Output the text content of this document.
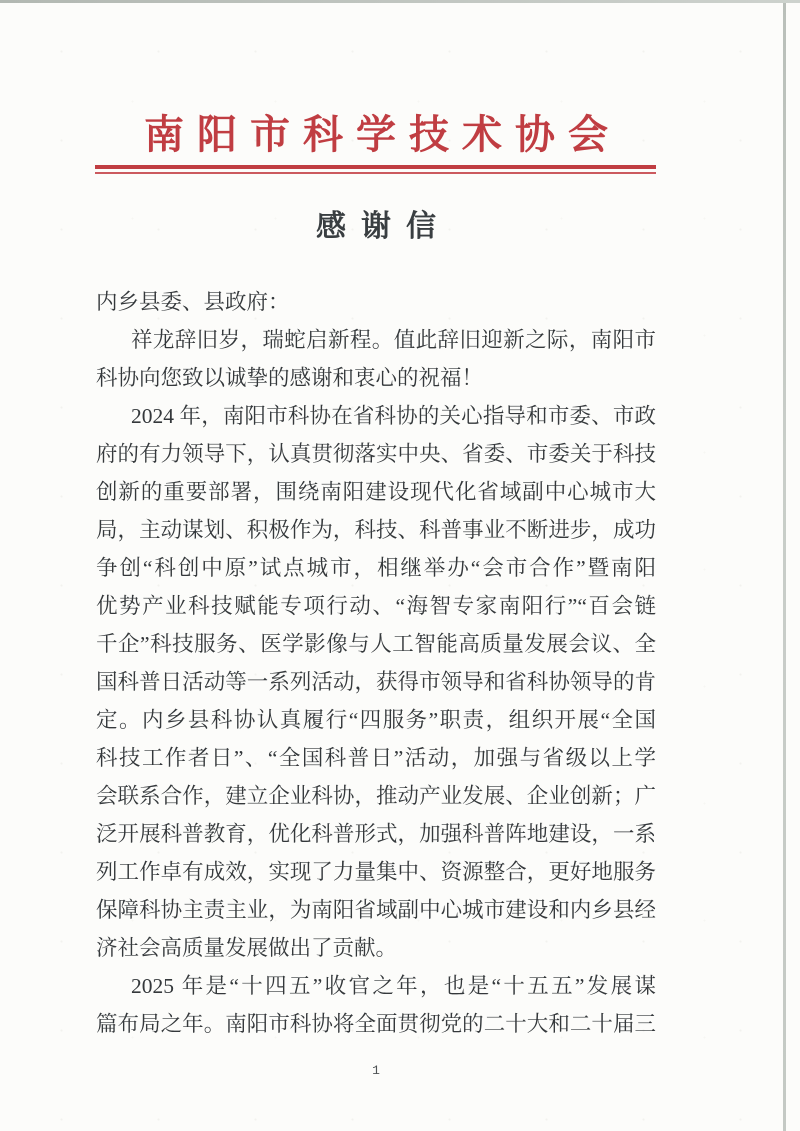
南阳市科学技术协会
感谢信
内乡县委、县政府：
祥龙辞旧岁，瑞蛇启新程。值此辞旧迎新之际，南阳市
科协向您致以诚挚的感谢和衷心的祝福！
2024 年，南阳市科协在省科协的关心指导和市委、市政
府的有力领导下，认真贯彻落实中央、省委、市委关于科技
创新的重要部署，围绕南阳建设现代化省域副中心城市大
局，主动谋划、积极作为，科技、科普事业不断进步，成功
争创“科创中原”试点城市，相继举办“会市合作”暨南阳
优势产业科技赋能专项行动、“海智专家南阳行”“百会链
千企”科技服务、医学影像与人工智能高质量发展会议、全
国科普日活动等一系列活动，获得市领导和省科协领导的肯
定。内乡县科协认真履行“四服务”职责，组织开展“全国
科技工作者日”、“全国科普日”活动，加强与省级以上学
会联系合作，建立企业科协，推动产业发展、企业创新；广
泛开展科普教育，优化科普形式，加强科普阵地建设，一系
列工作卓有成效，实现了力量集中、资源整合，更好地服务
保障科协主责主业，为南阳省域副中心城市建设和内乡县经
济社会高质量发展做出了贡献。
2025 年是“十四五”收官之年，也是“十五五”发展谋
篇布局之年。南阳市科协将全面贯彻党的二十大和二十届三
1
